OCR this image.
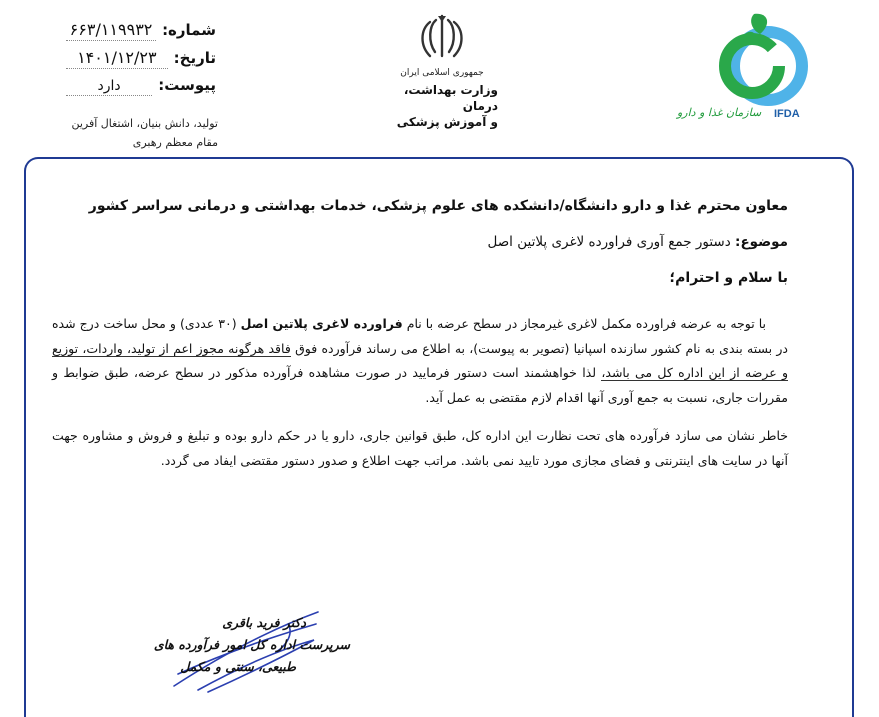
شماره:
۶۶۳/۱۱۹۹۳۲
تاریخ:
۱۴۰۱/۱۲/۲۳
پیوست:
دارد
تولید، دانش بنیان، اشتغال آفرین
مقام معظم رهبری
جمهوری اسلامی ایران
وزارت بهداشت، درمان
و آموزش پزشکی
سازمان غذا و دارو IFDA

معاون محترم غذا و دارو دانشگاه/دانشکده های علوم پزشکی، خدمات بهداشتی و درمانی سراسر کشور

موضوع: دستور جمع آوری فراورده لاغری پلاتین اصل

با سلام و احترام؛

با توجه به عرضه فراورده مکمل لاغری غیرمجاز در سطح عرضه با نام فراورده لاغری پلاتین اصل (۳۰ عددی) و محل ساخت درج شده در بسته بندی به نام کشور سازنده اسپانیا (تصویر به پیوست)، به اطلاع می رساند فرآورده فوق فاقد هرگونه مجوز اعم از تولید، واردات، توزیع و عرضه از این اداره کل می باشد، لذا خواهشمند است دستور فرمایید در صورت مشاهده فرآورده مذکور در سطح عرضه، طبق ضوابط و مقررات جاری، نسبت به جمع آوری آنها اقدام لازم مقتضی به عمل آید.

خاطر نشان می سازد فرآورده های تحت نظارت این اداره کل، طبق قوانین جاری، دارو یا در حکم دارو بوده و تبلیغ و فروش و مشاوره جهت آنها در سایت های اینترنتی و فضای مجازی مورد تایید نمی باشد. مراتب جهت اطلاع و صدور دستور مقتضی ایفاد می گردد.

دکتر فرید باقری
سرپرست اداره کل امور فرآورده های
طبیعی، سنتی و مکمل
